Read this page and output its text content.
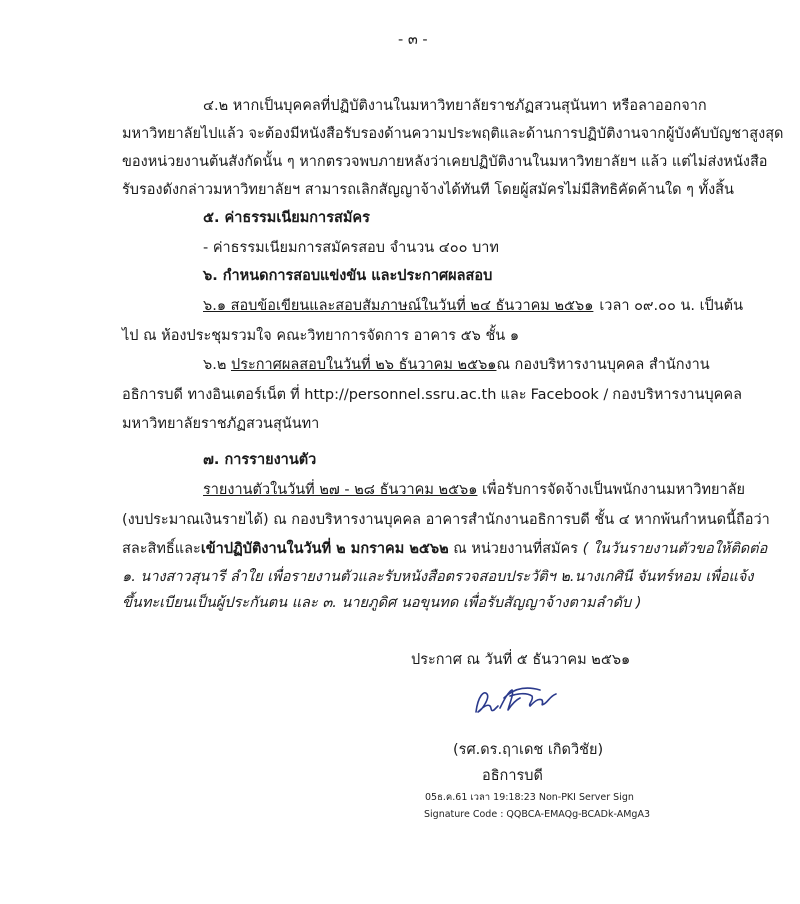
- ๓ -
๔.๒ หากเป็นบุคคลที่ปฏิบัติงานในมหาวิทยาลัยราชภัฏสวนสุนันทา หรือลาออกจาก
มหาวิทยาลัยไปแล้ว จะต้องมีหนังสือรับรองด้านความประพฤติและด้านการปฏิบัติงานจากผู้บังคับบัญชาสูงสุด
ของหน่วยงานต้นสังกัดนั้น ๆ หากตรวจพบภายหลังว่าเคยปฏิบัติงานในมหาวิทยาลัยฯ แล้ว แต่ไม่ส่งหนังสือ
รับรองดังกล่าวมหาวิทยาลัยฯ สามารถเลิกสัญญาจ้างได้ทันที โดยผู้สมัครไม่มีสิทธิคัดค้านใด ๆ ทั้งสิ้น
๕. ค่าธรรมเนียมการสมัคร
- ค่าธรรมเนียมการสมัครสอบ จำนวน ๔๐๐ บาท
๖. กำหนดการสอบแข่งขัน และประกาศผลสอบ
๖.๑ สอบข้อเขียนและสอบสัมภาษณ์ในวันที่ ๒๔ ธันวาคม ๒๕๖๑ เวลา ๐๙.๐๐ น. เป็นต้น
ไป ณ ห้องประชุมรวมใจ คณะวิทยาการจัดการ อาคาร ๕๖ ชั้น ๑
๖.๒ ประกาศผลสอบในวันที่ ๒๖ ธันวาคม ๒๕๖๑ ณ กองบริหารงานบุคคล สำนักงาน
อธิการบดี ทางอินเตอร์เน็ต ที่ http://personnel.ssru.ac.th และ Facebook / กองบริหารงานบุคคล
มหาวิทยาลัยราชภัฏสวนสุนันทา
๗. การรายงานตัว
รายงานตัวในวันที่ ๒๗ - ๒๘ ธันวาคม ๒๕๖๑ เพื่อรับการจัดจ้างเป็นพนักงานมหาวิทยาลัย
(งบประมาณเงินรายได้) ณ กองบริหารงานบุคคล อาคารสำนักงานอธิการบดี ชั้น ๔ หากพ้นกำหนดนี้ถือว่า
สละสิทธิ์และเข้าปฏิบัติงานในวันที่ ๒ มกราคม ๒๕๖๒ ณ หน่วยงานที่สมัคร ( ในวันรายงานตัวขอให้ติดต่อ
๑. นางสาวสุนารี ลำใย เพื่อรายงานตัวและรับหนังสือตรวจสอบประวัติฯ ๒.นางเกศินี จันทร์หอม เพื่อแจ้ง
ขึ้นทะเบียนเป็นผู้ประกันตน และ ๓. นายภูดิศ นอขุนทด เพื่อรับสัญญาจ้างตามลำดับ )
ประกาศ ณ วันที่ ๕ ธันวาคม ๒๕๖๑
(รศ.ดร.ฤาเดช เกิดวิชัย)
อธิการบดี
05ธ.ค.61 เวลา 19:18:23 Non-PKI Server Sign
Signature Code : QQBCA-EMAQg-BCADk-AMgA3
